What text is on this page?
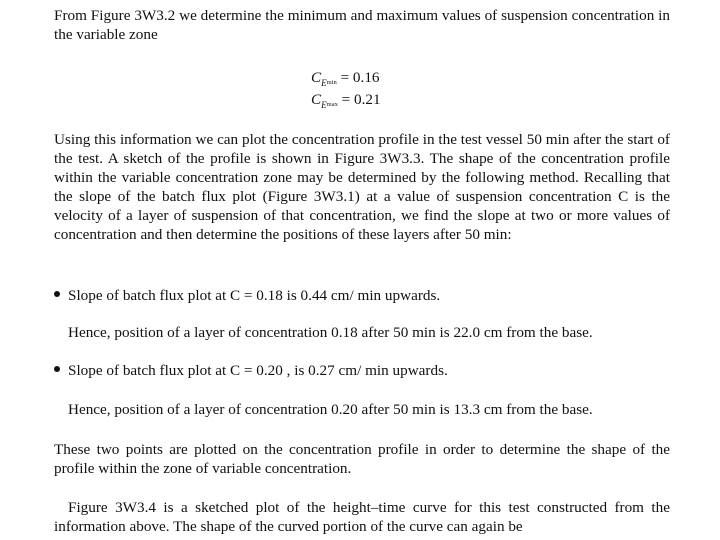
From Figure 3W3.2 we determine the minimum and maximum values of suspension concentration in the variable zone

$C_E\min = 0.16$
$C_E\max = 0.21$

Using this information we can plot the concentration profile in the test vessel 50 min after the start of the test. A sketch of the profile is shown in Figure 3W3.3. The shape of the concentration profile within the variable concentration zone may be determined by the following method. Recalling that the slope of the batch flux plot (Figure 3W3.1) at a value of suspension concentration C is the velocity of a layer of suspension of that concentration, we find the slope at two or more values of concentration and then determine the positions of these layers after 50 min:

Slope of batch flux plot at C = 0.18 is 0.44 cm/ min upwards.
Hence, position of a layer of concentration 0.18 after 50 min is 22.0 cm from the base.
Slope of batch flux plot at C = 0.20 , is 0.27 cm/ min upwards.
Hence, position of a layer of concentration 0.20 after 50 min is 13.3 cm from the base.

These two points are plotted on the concentration profile in order to determine the shape of the profile within the zone of variable concentration.

Figure 3W3.4 is a sketched plot of the height–time curve for this test constructed from the information above. The shape of the curved portion of the curve can again be
